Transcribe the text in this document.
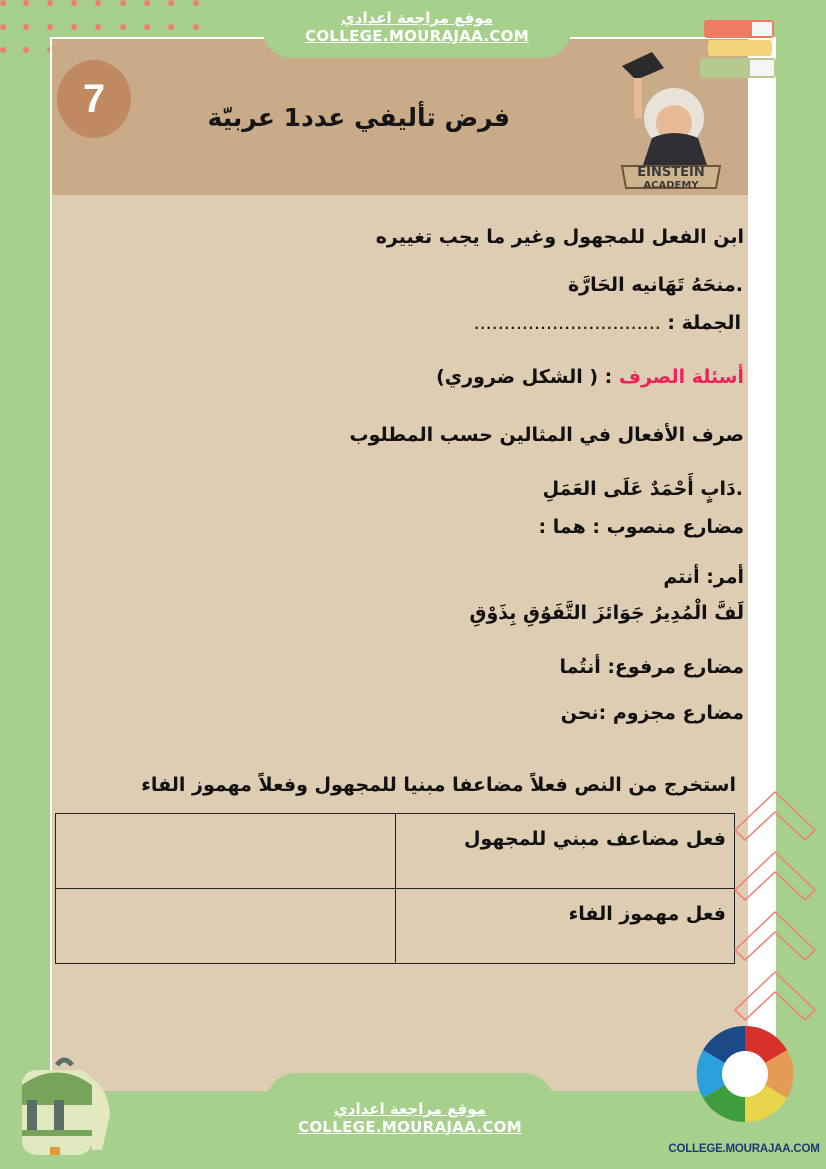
موقع مراجعة اعدادي
COLLEGE.MOURAJAA.COM
7	فرض تأليفي عدد1 عربيّة
EINSTEIN
ACADEMY
ابن الفعل للمجهول وغير ما يجب تغييره
.منحَهُ تَهَانيه الحَارَّة
الجملة : ...............................
أسئلة الصرف : ( الشكل ضروري)
صرف الأفعال في المثالين حسب المطلوب
.دَابٍ أَحْمَدٌ عَلَى العَمَلِ
مضارع منصوب : هما :
أمر: أنتم
لَفَّ الْمُدِيرُ جَوَائزَ التَّفَوُقِ بِذَوْقِ
مضارع مرفوع: أنتُما
مضارع مجزوم :نحن
استخرج من النص فعلاً مضاعفا مبنيا للمجهول وفعلاً مهموز الفاء
فعل مضاعف مبني للمجهول	
فعل مهموز الفاء	
COLLEGE.MOURAJAA.COM
موقع مراجعة اعدادي
COLLEGE.MOURAJAA.COM
